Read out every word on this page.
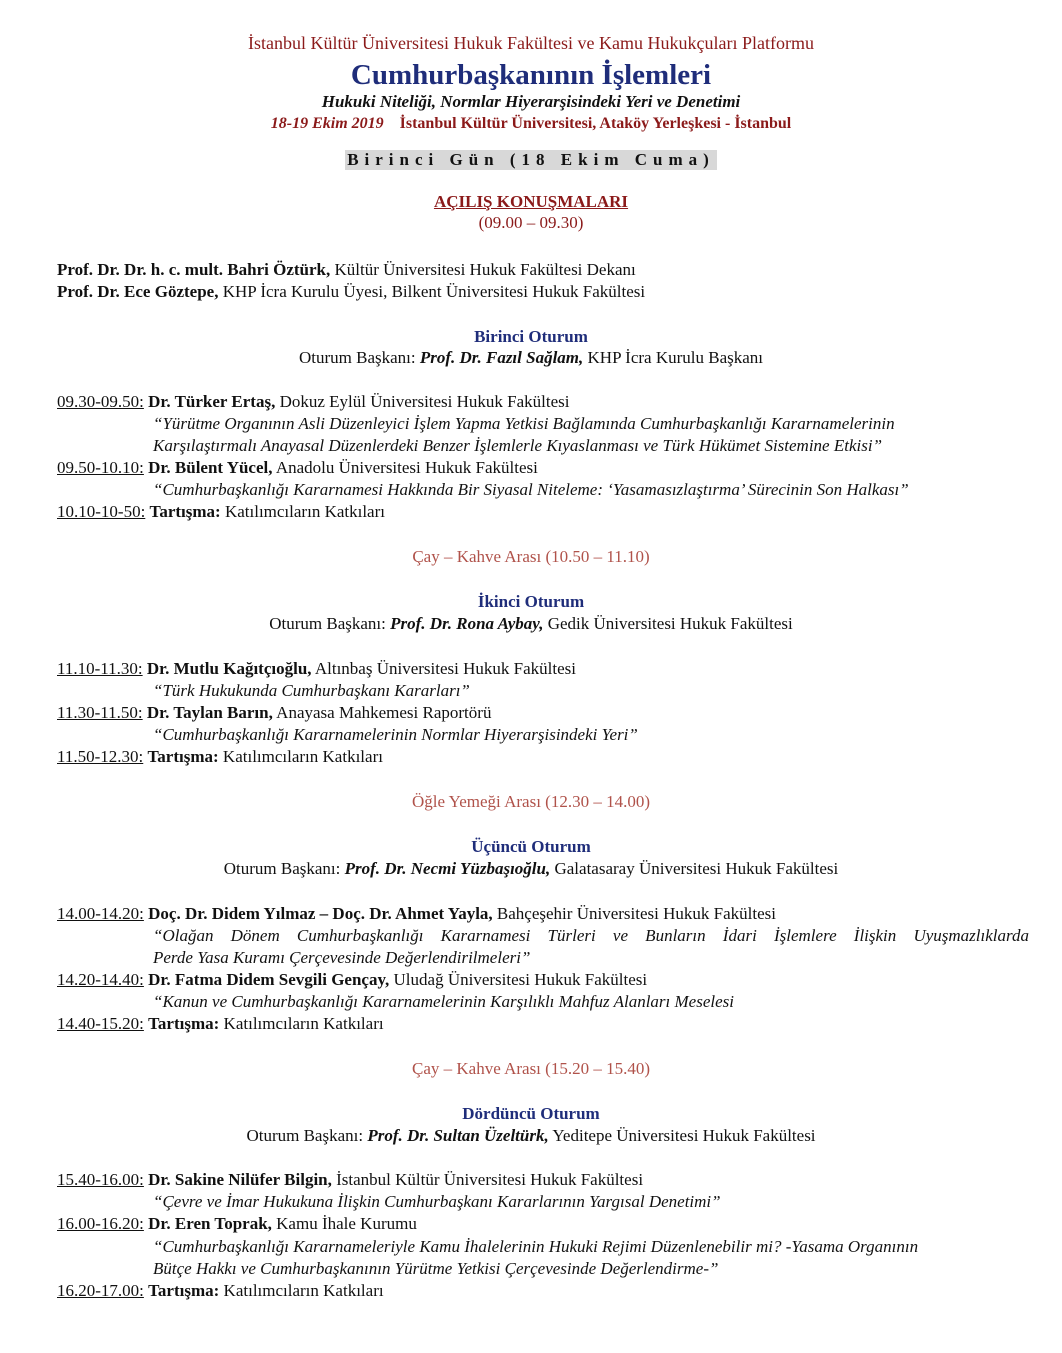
İstanbul Kültür Üniversitesi Hukuk Fakültesi ve Kamu Hukukçuları Platformu
Cumhurbaşkanının İşlemleri
Hukuki Niteliği, Normlar Hiyerarşisindeki Yeri ve Denetimi
18-19 Ekim 2019 İstanbul Kültür Üniversitesi, Ataköy Yerleşkesi - İstanbul
Birinci Gün (18 Ekim Cuma)
AÇILIŞ KONUŞMALARI
(09.00 – 09.30)
Prof. Dr. Dr. h. c. mult. Bahri Öztürk, Kültür Üniversitesi Hukuk Fakültesi Dekanı
Prof. Dr. Ece Göztepe, KHP İcra Kurulu Üyesi, Bilkent Üniversitesi Hukuk Fakültesi
Birinci Oturum
Oturum Başkanı: Prof. Dr. Fazıl Sağlam, KHP İcra Kurulu Başkanı
09.30-09.50: Dr. Türker Ertaş, Dokuz Eylül Üniversitesi Hukuk Fakültesi
“Yürütme Organının Asli Düzenleyici İşlem Yapma Yetkisi Bağlamında Cumhurbaşkanlığı Kararnamelerinin
Karşılaştırmalı Anayasal Düzenlerdeki Benzer İşlemlerle Kıyaslanması ve Türk Hükümet Sistemine Etkisi”
09.50-10.10: Dr. Bülent Yücel, Anadolu Üniversitesi Hukuk Fakültesi
“Cumhurbaşkanlığı Kararnamesi Hakkında Bir Siyasal Niteleme: ‘Yasamasızlaştırma’ Sürecinin Son Halkası”
10.10-10-50: Tartışma: Katılımcıların Katkıları
Çay – Kahve Arası (10.50 – 11.10)
İkinci Oturum
Oturum Başkanı: Prof. Dr. Rona Aybay, Gedik Üniversitesi Hukuk Fakültesi
11.10-11.30: Dr. Mutlu Kağıtçıoğlu, Altınbaş Üniversitesi Hukuk Fakültesi
“Türk Hukukunda Cumhurbaşkanı Kararları”
11.30-11.50: Dr. Taylan Barın, Anayasa Mahkemesi Raportörü
“Cumhurbaşkanlığı Kararnamelerinin Normlar Hiyerarşisindeki Yeri”
11.50-12.30: Tartışma: Katılımcıların Katkıları
Öğle Yemeği Arası (12.30 – 14.00)
Üçüncü Oturum
Oturum Başkanı: Prof. Dr. Necmi Yüzbaşıoğlu, Galatasaray Üniversitesi Hukuk Fakültesi
14.00-14.20: Doç. Dr. Didem Yılmaz – Doç. Dr. Ahmet Yayla, Bahçeşehir Üniversitesi Hukuk Fakültesi
“Olağan Dönem Cumhurbaşkanlığı Kararnamesi Türleri ve Bunların İdari İşlemlere İlişkin Uyuşmazlıklarda
Perde Yasa Kuramı Çerçevesinde Değerlendirilmeleri”
14.20-14.40: Dr. Fatma Didem Sevgili Gençay, Uludağ Üniversitesi Hukuk Fakültesi
“Kanun ve Cumhurbaşkanlığı Kararnamelerinin Karşılıklı Mahfuz Alanları Meselesi
14.40-15.20: Tartışma: Katılımcıların Katkıları
Çay – Kahve Arası (15.20 – 15.40)
Dördüncü Oturum
Oturum Başkanı: Prof. Dr. Sultan Üzeltürk, Yeditepe Üniversitesi Hukuk Fakültesi
15.40-16.00: Dr. Sakine Nilüfer Bilgin, İstanbul Kültür Üniversitesi Hukuk Fakültesi
“Çevre ve İmar Hukukuna İlişkin Cumhurbaşkanı Kararlarının Yargısal Denetimi”
16.00-16.20: Dr. Eren Toprak, Kamu İhale Kurumu
“Cumhurbaşkanlığı Kararnameleriyle Kamu İhalelerinin Hukuki Rejimi Düzenlenebilir mi? -Yasama Organının
Bütçe Hakkı ve Cumhurbaşkanının Yürütme Yetkisi Çerçevesinde Değerlendirme-”
16.20-17.00: Tartışma: Katılımcıların Katkıları
